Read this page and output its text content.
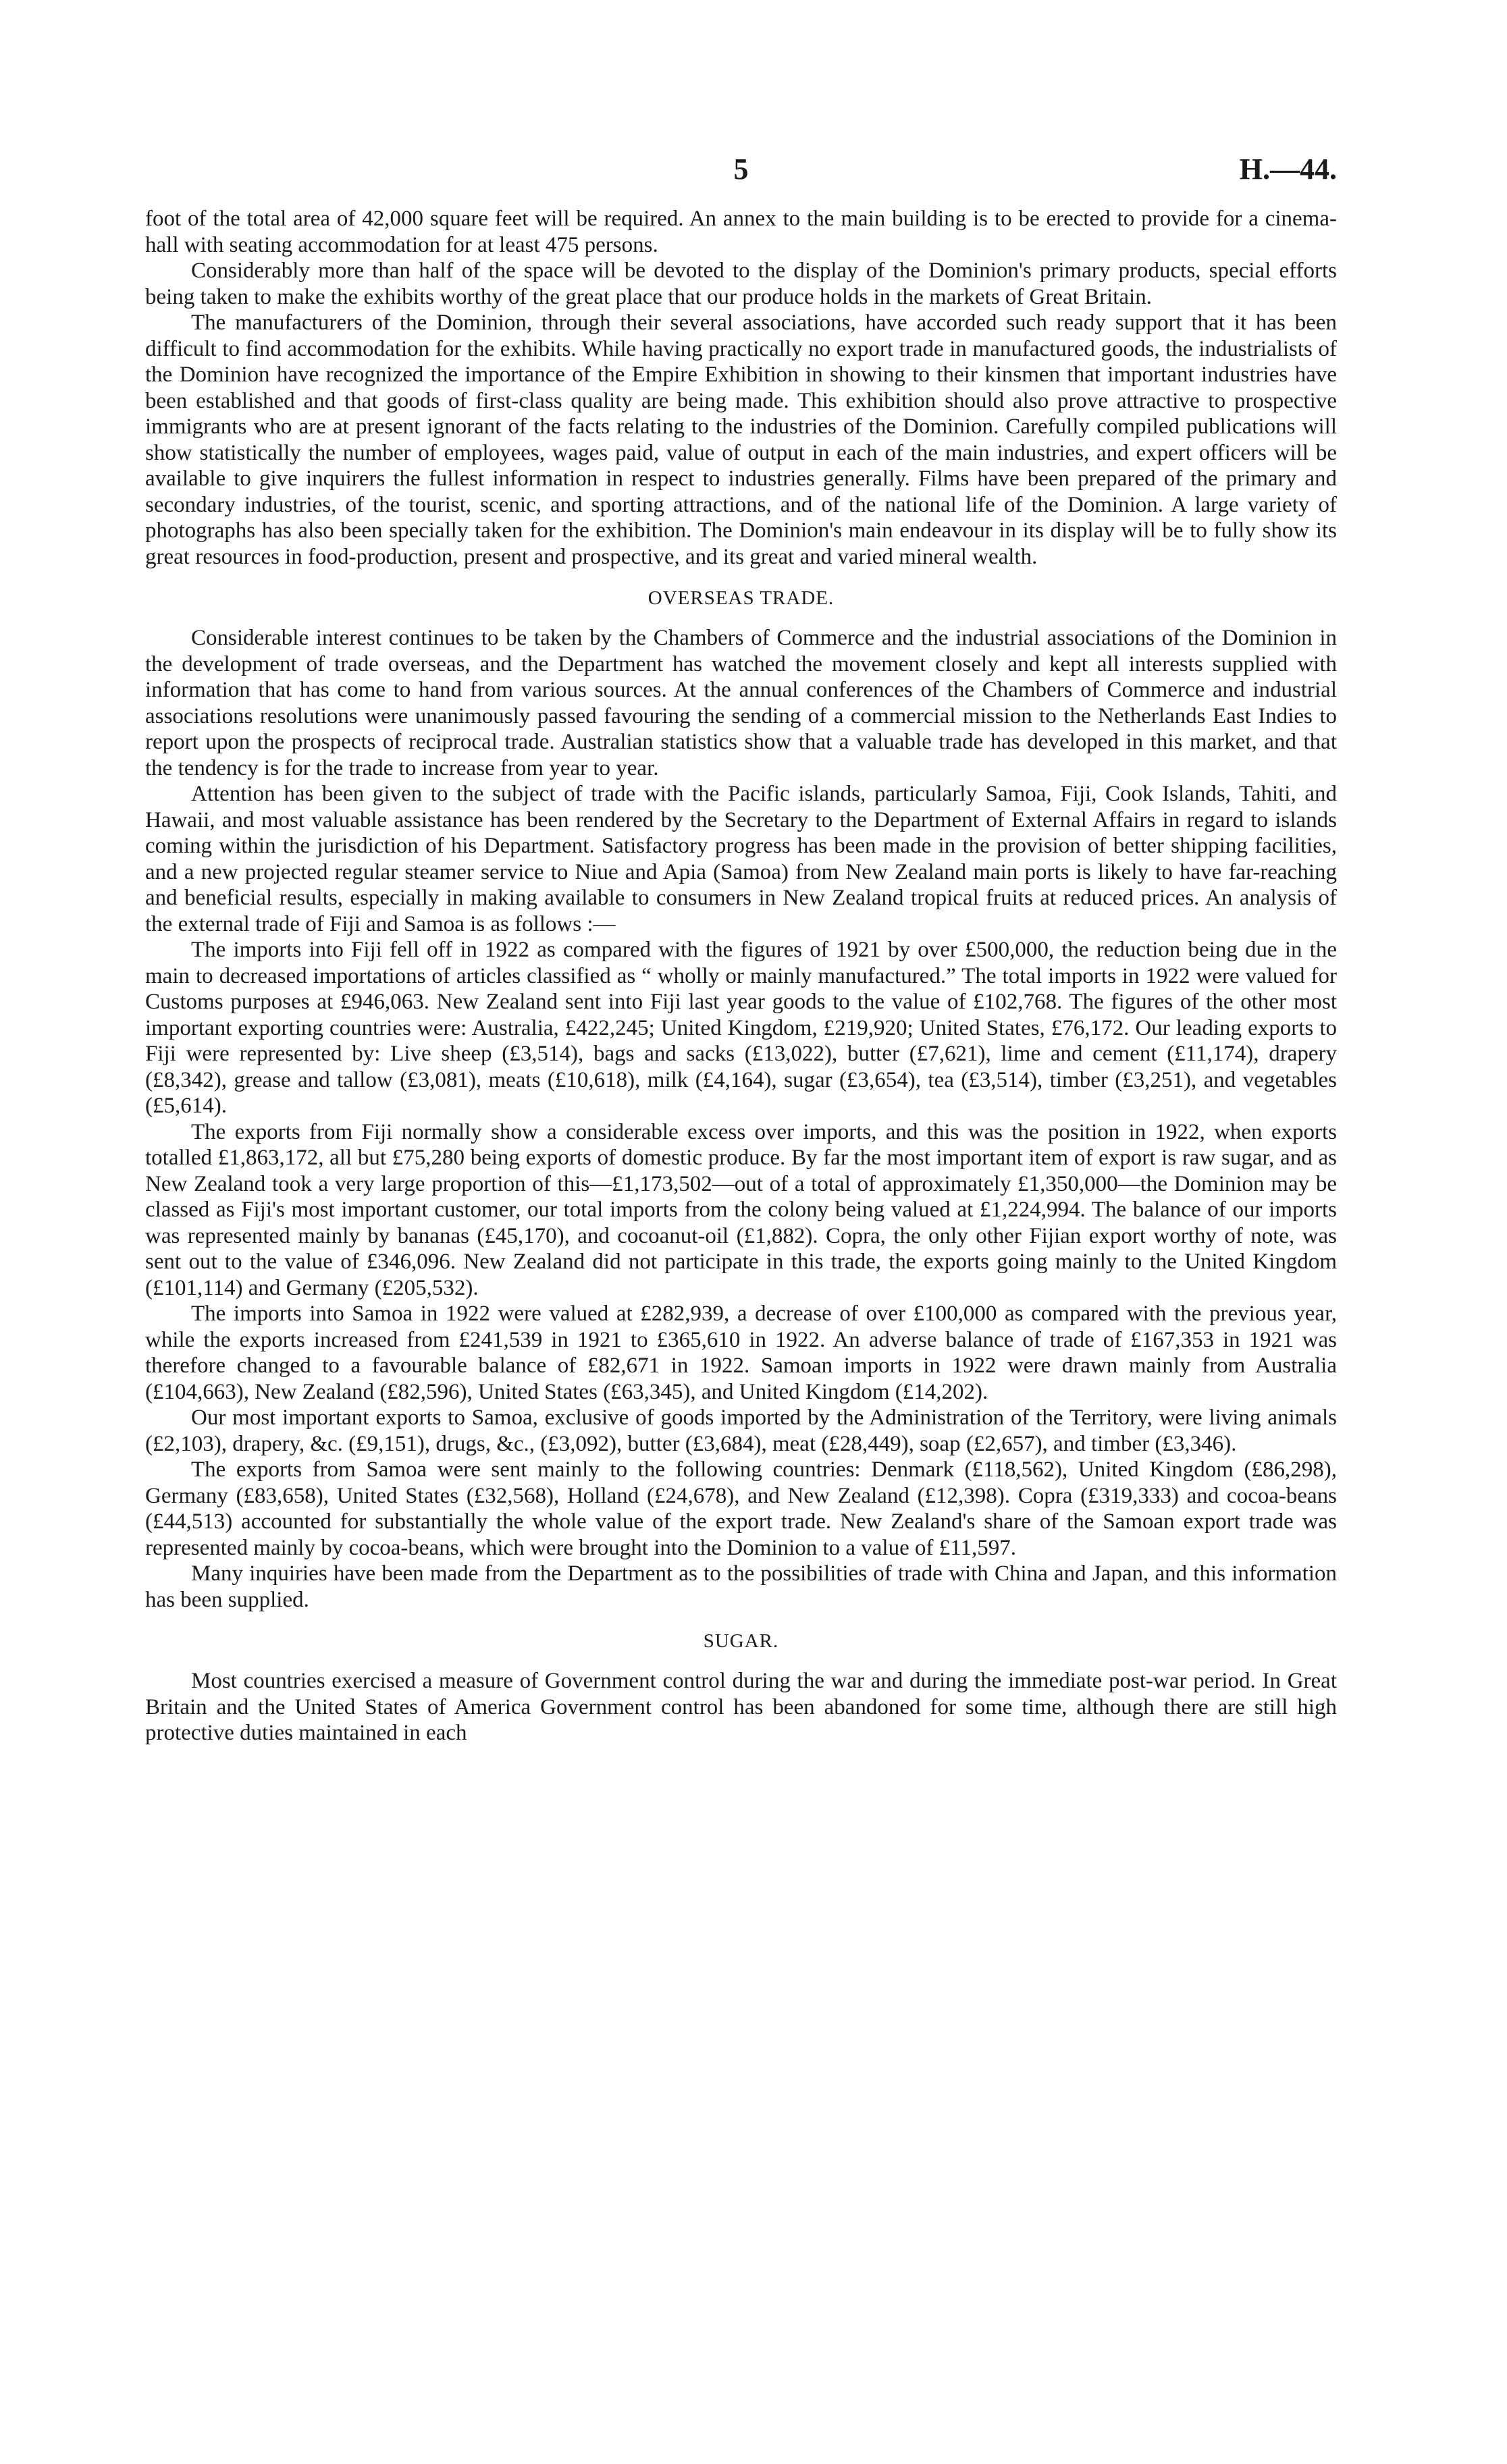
5	H.—44.

foot of the total area of 42,000 square feet will be required. An annex to the main building is to be erected to provide for a cinema-hall with seating accommodation for at least 475 persons.

Considerably more than half of the space will be devoted to the display of the Dominion's primary products, special efforts being taken to make the exhibits worthy of the great place that our produce holds in the markets of Great Britain.

The manufacturers of the Dominion, through their several associations, have accorded such ready support that it has been difficult to find accommodation for the exhibits. While having practically no export trade in manufactured goods, the industrialists of the Dominion have recognized the importance of the Empire Exhibition in showing to their kinsmen that important industries have been established and that goods of first-class quality are being made. This exhibition should also prove attractive to prospective immigrants who are at present ignorant of the facts relating to the industries of the Dominion. Carefully compiled publications will show statistically the number of employees, wages paid, value of output in each of the main industries, and expert officers will be available to give inquirers the fullest information in respect to industries generally. Films have been prepared of the primary and secondary industries, of the tourist, scenic, and sporting attractions, and of the national life of the Dominion. A large variety of photographs has also been specially taken for the exhibition. The Dominion's main endeavour in its display will be to fully show its great resources in food-production, present and prospective, and its great and varied mineral wealth.

OVERSEAS TRADE.

Considerable interest continues to be taken by the Chambers of Commerce and the industrial associations of the Dominion in the development of trade overseas, and the Department has watched the movement closely and kept all interests supplied with information that has come to hand from various sources. At the annual conferences of the Chambers of Commerce and industrial associations resolutions were unanimously passed favouring the sending of a commercial mission to the Netherlands East Indies to report upon the prospects of reciprocal trade. Australian statistics show that a valuable trade has developed in this market, and that the tendency is for the trade to increase from year to year.

Attention has been given to the subject of trade with the Pacific islands, particularly Samoa, Fiji, Cook Islands, Tahiti, and Hawaii, and most valuable assistance has been rendered by the Secretary to the Department of External Affairs in regard to islands coming within the jurisdiction of his Department. Satisfactory progress has been made in the provision of better shipping facilities, and a new projected regular steamer service to Niue and Apia (Samoa) from New Zealand main ports is likely to have far-reaching and beneficial results, especially in making available to consumers in New Zealand tropical fruits at reduced prices. An analysis of the external trade of Fiji and Samoa is as follows :—

The imports into Fiji fell off in 1922 as compared with the figures of 1921 by over £500,000, the reduction being due in the main to decreased importations of articles classified as “ wholly or mainly manufactured.” The total imports in 1922 were valued for Customs purposes at £946,063. New Zealand sent into Fiji last year goods to the value of £102,768. The figures of the other most important exporting countries were: Australia, £422,245; United Kingdom, £219,920; United States, £76,172. Our leading exports to Fiji were represented by: Live sheep (£3,514), bags and sacks (£13,022), butter (£7,621), lime and cement (£11,174), drapery (£8,342), grease and tallow (£3,081), meats (£10,618), milk (£4,164), sugar (£3,654), tea (£3,514), timber (£3,251), and vegetables (£5,614).

The exports from Fiji normally show a considerable excess over imports, and this was the position in 1922, when exports totalled £1,863,172, all but £75,280 being exports of domestic produce. By far the most important item of export is raw sugar, and as New Zealand took a very large proportion of this—£1,173,502—out of a total of approximately £1,350,000—the Dominion may be classed as Fiji's most important customer, our total imports from the colony being valued at £1,224,994. The balance of our imports was represented mainly by bananas (£45,170), and cocoanut-oil (£1,882). Copra, the only other Fijian export worthy of note, was sent out to the value of £346,096. New Zealand did not participate in this trade, the exports going mainly to the United Kingdom (£101,114) and Germany (£205,532).

The imports into Samoa in 1922 were valued at £282,939, a decrease of over £100,000 as compared with the previous year, while the exports increased from £241,539 in 1921 to £365,610 in 1922. An adverse balance of trade of £167,353 in 1921 was therefore changed to a favourable balance of £82,671 in 1922. Samoan imports in 1922 were drawn mainly from Australia (£104,663), New Zealand (£82,596), United States (£63,345), and United Kingdom (£14,202).

Our most important exports to Samoa, exclusive of goods imported by the Administration of the Territory, were living animals (£2,103), drapery, &c. (£9,151), drugs, &c., (£3,092), butter (£3,684), meat (£28,449), soap (£2,657), and timber (£3,346).

The exports from Samoa were sent mainly to the following countries: Denmark (£118,562), United Kingdom (£86,298), Germany (£83,658), United States (£32,568), Holland (£24,678), and New Zealand (£12,398). Copra (£319,333) and cocoa-beans (£44,513) accounted for substantially the whole value of the export trade. New Zealand's share of the Samoan export trade was represented mainly by cocoa-beans, which were brought into the Dominion to a value of £11,597.

Many inquiries have been made from the Department as to the possibilities of trade with China and Japan, and this information has been supplied.

SUGAR.

Most countries exercised a measure of Government control during the war and during the immediate post-war period. In Great Britain and the United States of America Government control has been abandoned for some time, although there are still high protective duties maintained in each
